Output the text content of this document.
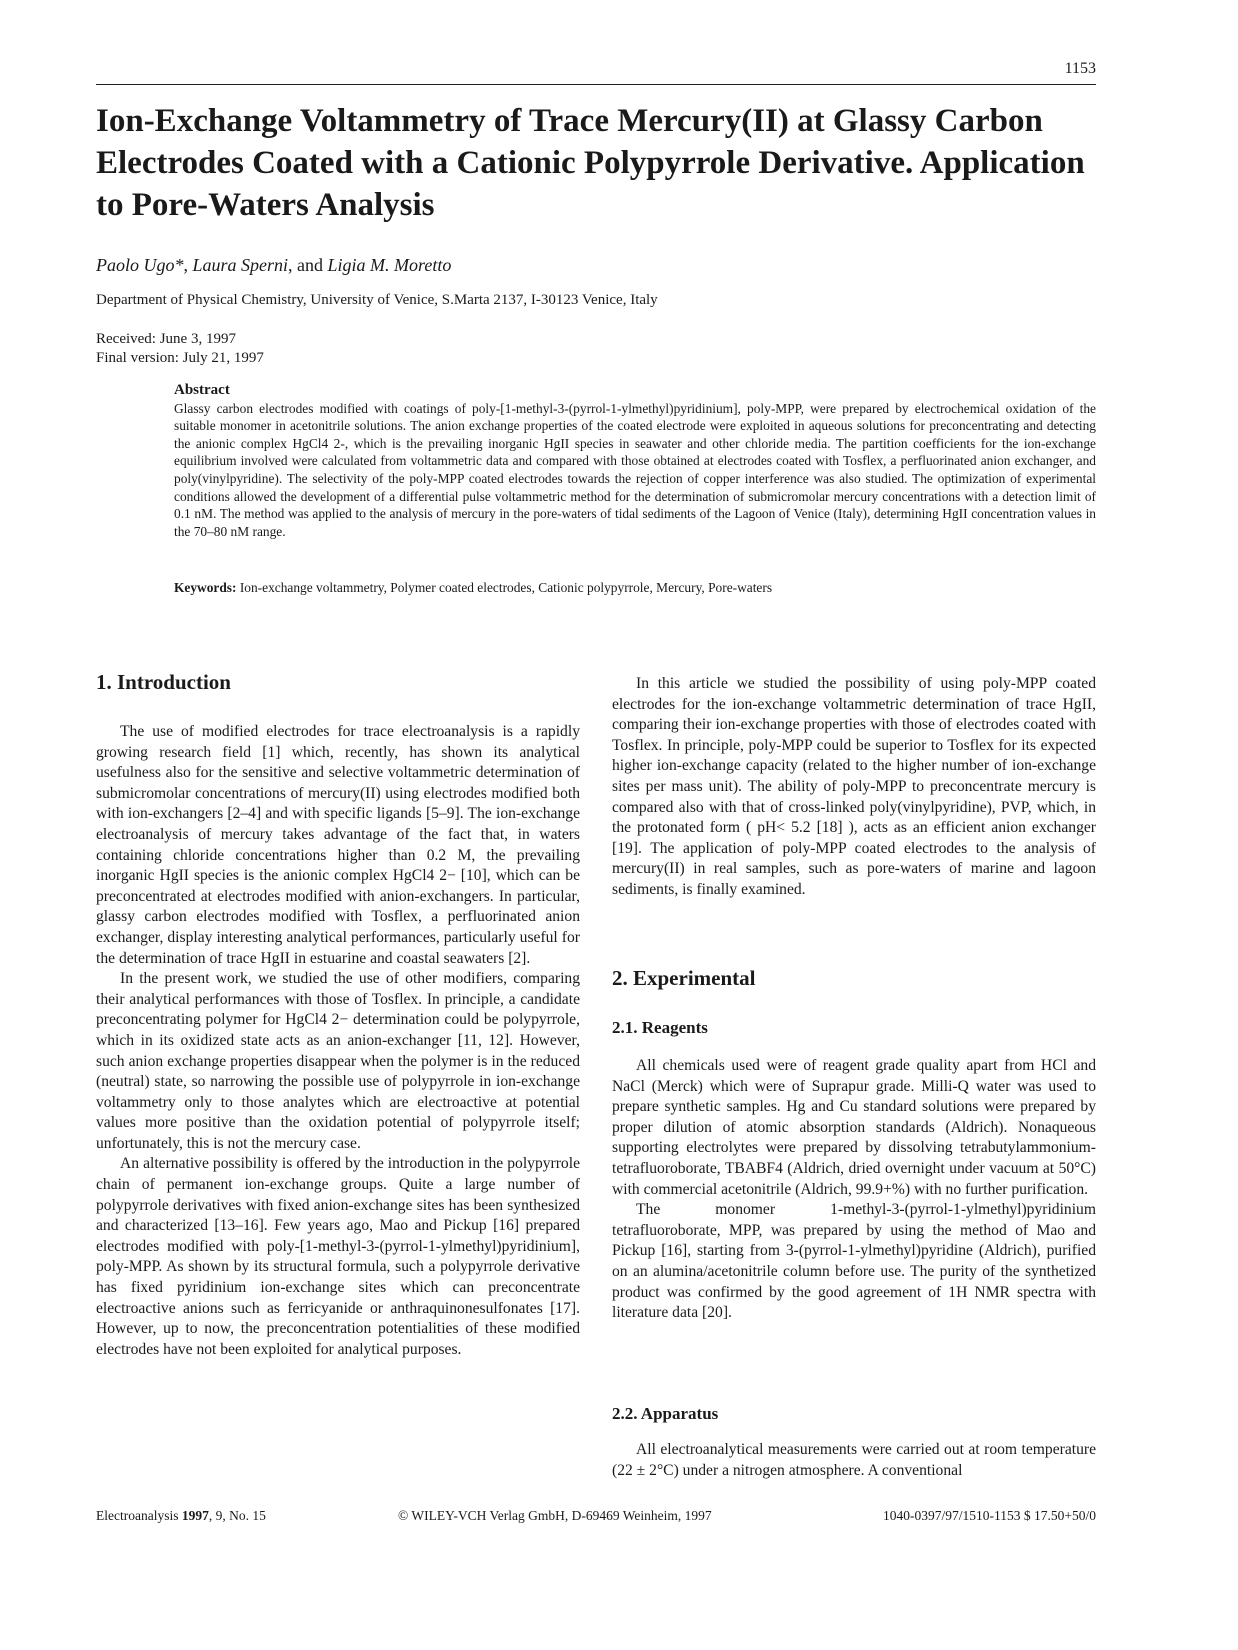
1153
Ion-Exchange Voltammetry of Trace Mercury(II) at Glassy Carbon Electrodes Coated with a Cationic Polypyrrole Derivative. Application to Pore-Waters Analysis
Paolo Ugo*, Laura Sperni, and Ligia M. Moretto
Department of Physical Chemistry, University of Venice, S.Marta 2137, I-30123 Venice, Italy
Received: June 3, 1997
Final version: July 21, 1997
Abstract
Glassy carbon electrodes modified with coatings of poly-[1-methyl-3-(pyrrol-1-ylmethyl)pyridinium], poly-MPP, were prepared by electrochemical oxidation of the suitable monomer in acetonitrile solutions. The anion exchange properties of the coated electrode were exploited in aqueous solutions for preconcentrating and detecting the anionic complex HgCl4 2-, which is the prevailing inorganic HgII species in seawater and other chloride media. The partition coefficients for the ion-exchange equilibrium involved were calculated from voltammetric data and compared with those obtained at electrodes coated with Tosflex, a perfluorinated anion exchanger, and poly(vinylpyridine). The selectivity of the poly-MPP coated electrodes towards the rejection of copper interference was also studied. The optimization of experimental conditions allowed the development of a differential pulse voltammetric method for the determination of submicromolar mercury concentrations with a detection limit of 0.1 nM. The method was applied to the analysis of mercury in the pore-waters of tidal sediments of the Lagoon of Venice (Italy), determining HgII concentration values in the 70–80 nM range.
Keywords: Ion-exchange voltammetry, Polymer coated electrodes, Cationic polypyrrole, Mercury, Pore-waters
1. Introduction

The use of modified electrodes for trace electroanalysis is a rapidly growing research field [1] which, recently, has shown its analytical usefulness also for the sensitive and selective voltammetric determination of submicromolar concentrations of mercury(II) using electrodes modified both with ion-exchangers [2–4] and with specific ligands [5–9]. The ion-exchange electroanalysis of mercury takes advantage of the fact that, in waters containing chloride concentrations higher than 0.2 M, the prevailing inorganic HgII species is the anionic complex HgCl4 2− [10], which can be preconcentrated at electrodes modified with anion-exchangers. In particular, glassy carbon electrodes modified with Tosflex, a perfluorinated anion exchanger, display interesting analytical performances, particularly useful for the determination of trace HgII in estuarine and coastal seawaters [2].

In the present work, we studied the use of other modifiers, comparing their analytical performances with those of Tosflex. In principle, a candidate preconcentrating polymer for HgCl4 2− determination could be polypyrrole, which in its oxidized state acts as an anion-exchanger [11, 12]. However, such anion exchange properties disappear when the polymer is in the reduced (neutral) state, so narrowing the possible use of polypyrrole in ion-exchange voltammetry only to those analytes which are electroactive at potential values more positive than the oxidation potential of polypyrrole itself; unfortunately, this is not the mercury case.

An alternative possibility is offered by the introduction in the polypyrrole chain of permanent ion-exchange groups. Quite a large number of polypyrrole derivatives with fixed anion-exchange sites has been synthesized and characterized [13–16]. Few years ago, Mao and Pickup [16] prepared electrodes modified with poly-[1-methyl-3-(pyrrol-1-ylmethyl)pyridinium], poly-MPP. As shown by its structural formula, such a polypyrrole derivative has fixed pyridinium ion-exchange sites which can preconcentrate electroactive anions such as ferricyanide or anthraquinonesulfonates [17]. However, up to now, the preconcentration potentialities of these modified electrodes have not been exploited for analytical purposes.

In this article we studied the possibility of using poly-MPP coated electrodes for the ion-exchange voltammetric determination of trace HgII, comparing their ion-exchange properties with those of electrodes coated with Tosflex. In principle, poly-MPP could be superior to Tosflex for its expected higher ion-exchange capacity (related to the higher number of ion-exchange sites per mass unit). The ability of poly-MPP to preconcentrate mercury is compared also with that of cross-linked poly(vinylpyridine), PVP, which, in the protonated form ( pH< 5.2 [18] ), acts as an efficient anion exchanger [19]. The application of poly-MPP coated electrodes to the analysis of mercury(II) in real samples, such as pore-waters of marine and lagoon sediments, is finally examined.

2. Experimental
2.1. Reagents

All chemicals used were of reagent grade quality apart from HCl and NaCl (Merck) which were of Suprapur grade. Milli-Q water was used to prepare synthetic samples. Hg and Cu standard solutions were prepared by proper dilution of atomic absorption standards (Aldrich). Nonaqueous supporting electrolytes were prepared by dissolving tetrabutylammonium-tetrafluoroborate, TBABF4 (Aldrich, dried overnight under vacuum at 50°C) with commercial acetonitrile (Aldrich, 99.9+%) with no further purification.

The monomer 1-methyl-3-(pyrrol-1-ylmethyl)pyridinium tetrafluoroborate, MPP, was prepared by using the method of Mao and Pickup [16], starting from 3-(pyrrol-1-ylmethyl)pyridine (Aldrich), purified on an alumina/acetonitrile column before use. The purity of the synthetized product was confirmed by the good agreement of 1H NMR spectra with literature data [20].

2.2. Apparatus

All electroanalytical measurements were carried out at room temperature (22 ± 2°C) under a nitrogen atmosphere. A conventional

Electroanalysis 1997, 9, No. 15	© WILEY-VCH Verlag GmbH, D-69469 Weinheim, 1997	1040-0397/97/1510-1153 $ 17.50+50/0
